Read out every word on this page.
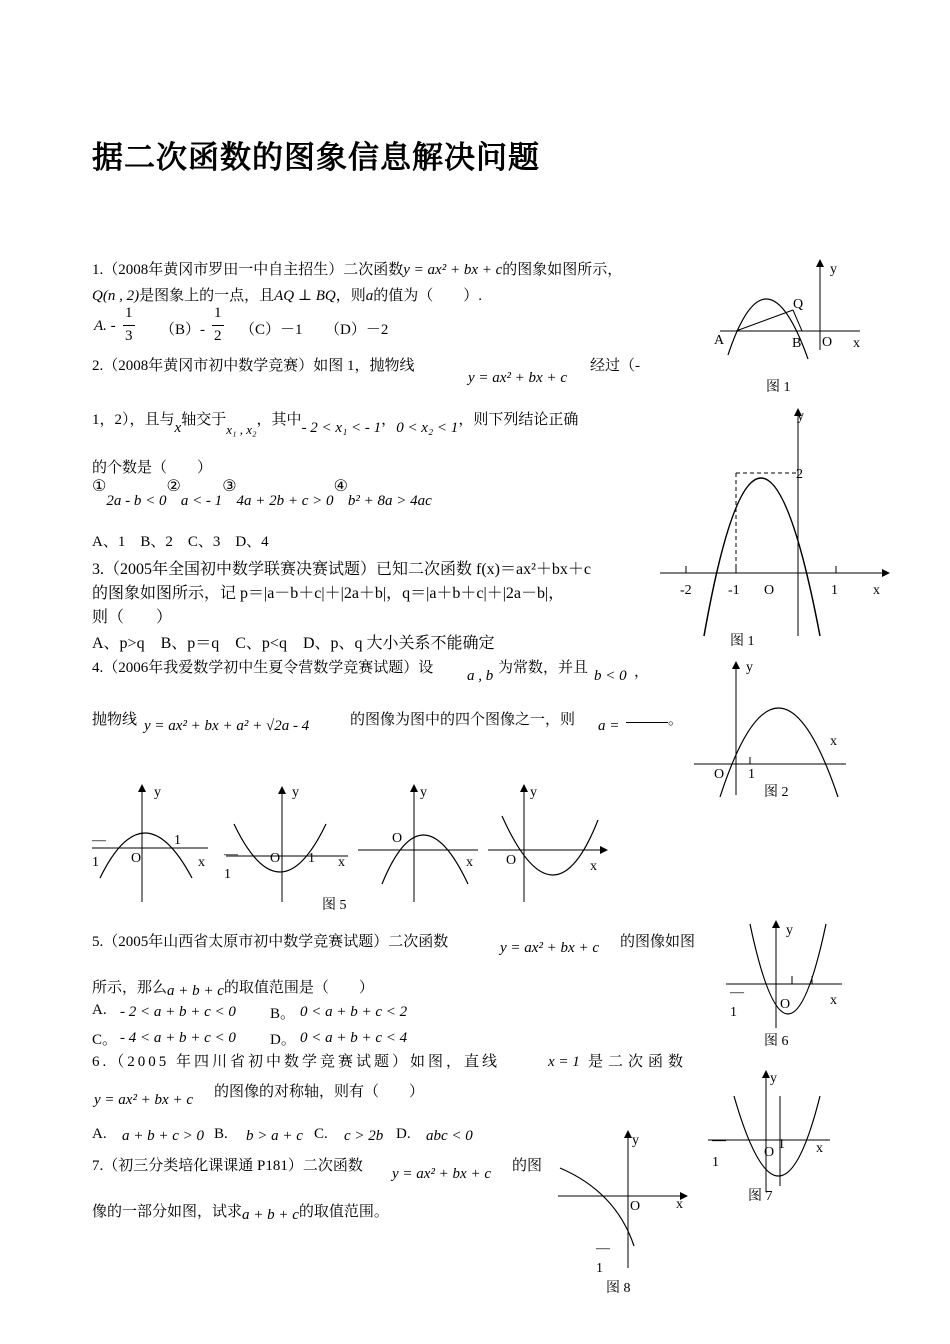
据二次函数的图象信息解决问题
1.（2008年黄冈市罗田一中自主招生）二次函数y = ax² + bx + c的图象如图所示，
Q(n , 2)是图象上的一点，且AQ ⊥ BQ，则a的值为（　　）.
A. -
1
3 （B）-
1
2 （C）－1　　（D）－2
y
x
A	B O
Q
图 1
2.（2008年黄冈市初中数学竞赛）如图 1，抛物线
y = ax² + bx + c
经过（-
1，2），且与x轴交于x₁ , x₂，其中- 2 < x₁ < - 1，0 < x₂ < 1，则下列结论正确
的个数是（　　）
①2a - b < 0②a < - 1③4a + 2b + c > 0④b² + 8a > 4ac
A、1　B、2　C、3　D、4
y
x
2
-2	-1 O	1
图 1
3.（2005年全国初中数学联赛决赛试题）已知二次函数 f(x)＝ax²＋bx＋c
的图象如图所示，记 p＝|a－b＋c|＋|2a＋b|，q＝|a＋b＋c|＋|2a－b|，
则（　　）
A、p>q　B、p＝q　C、p<q　D、p、q 大小关系不能确定
4.（2006年我爱数学初中生夏令营数学竞赛试题）设 a , b 为常数，并且 b < 0 ，
抛物线 y = ax² + bx + a² + √2a - 4	的图像为图中的四个图像之一，则 a =	。
y
x
O 1
图 2
y
x
O
—
1
1
y
x
O
—
1
1
y
x
O
y
x
O
图 5
5.（2005年山西省太原市初中数学竞赛试题）二次函数	y = ax² + bx + c 的图像如图
所示，那么a + b + c的取值范围是（　　）
A. - 2 < a + b + c < 0 B。 0 < a + b + c < 2
C。 - 4 < a + b + c < 0 D。 0 < a + b + c < 4
y
x
O
—
1
图 6
6.（2005 年四川省初中数学竞赛试题）如图，直线	x = 1 是二次函数
y = ax² + bx + c 的图像的对称轴，则有（　　）
A. a + b + c > 0 B. b > a + c C. c > 2b D. abc < 0
y
x
O
1
—
1
图 7
7.（初三分类培化课课通 P181）二次函数 y = ax² + bx + c 的图
像的一部分如图，试求a + b + c的取值范围。
y
x
O
—
1
图 8
